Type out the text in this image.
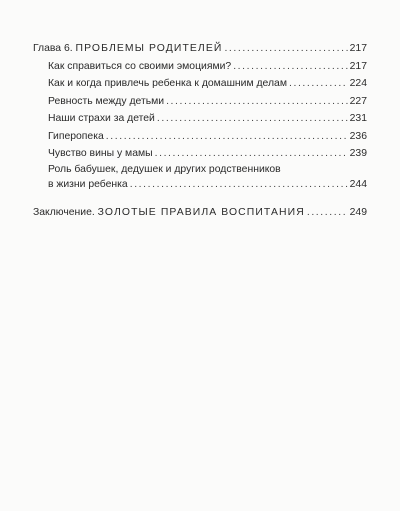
Глава 6. ПРОБЛЕМЫ РОДИТЕЛЕЙ .....	217
Как справиться со своими эмоциями? .....	217
Как и когда привлечь ребенка к домашним делам .....	224
Ревность между детьми .....	227
Наши страхи за детей .....	231
Гиперопека .....	236
Чувство вины у мамы .....	239
Роль бабушек, дедушек и других родственников
в жизни ребенка .....	244
Заключение. ЗОЛОТЫЕ ПРАВИЛА ВОСПИТАНИЯ .....	249
